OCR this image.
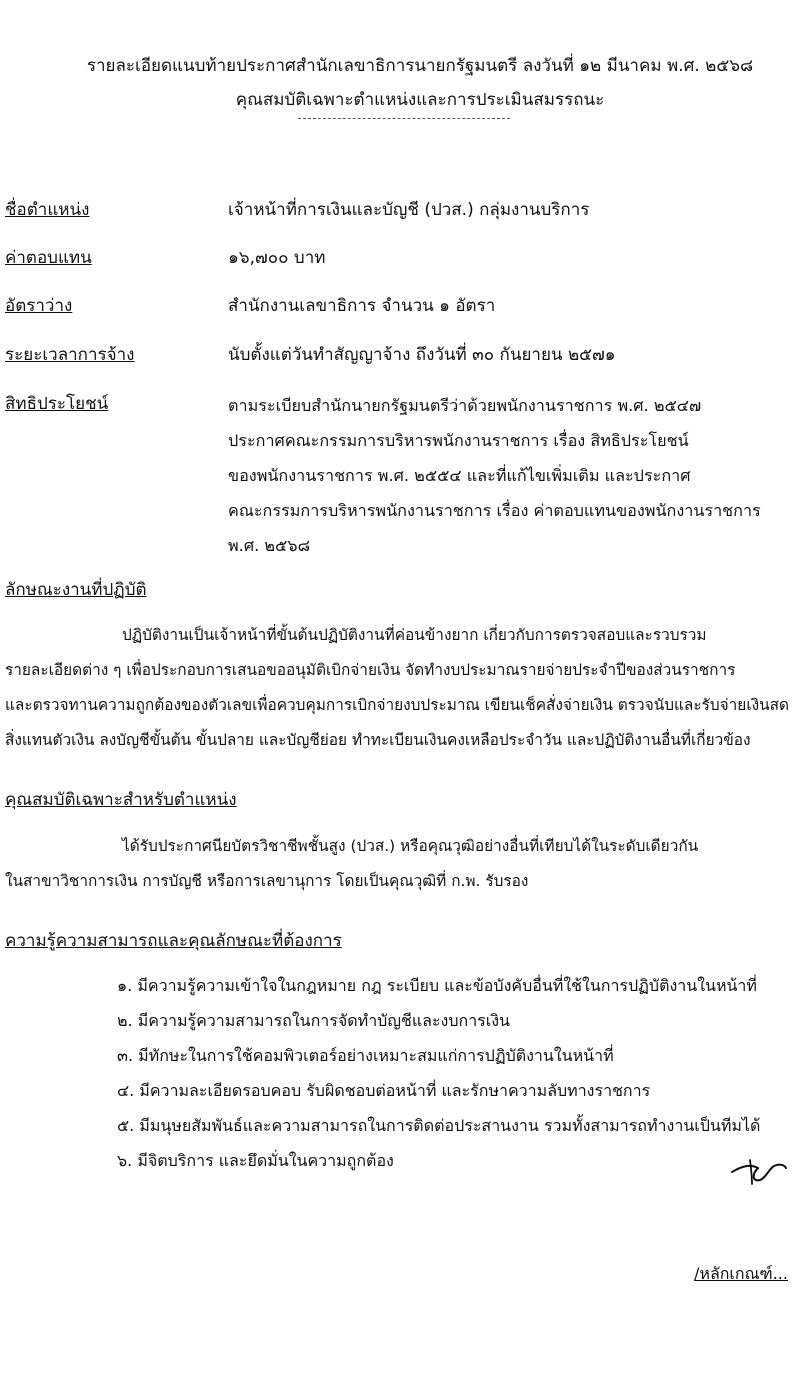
รายละเอียดแนบท้ายประกาศสำนักเลขาธิการนายกรัฐมนตรี ลงวันที่ ๑๒ มีนาคม พ.ศ. ๒๕๖๘
คุณสมบัติเฉพาะตำแหน่งและการประเมินสมรรถนะ
ชื่อตำแหน่ง	เจ้าหน้าที่การเงินและบัญชี (ปวส.) กลุ่มงานบริการ
ค่าตอบแทน	๑๖,๗๐๐ บาท
อัตราว่าง	สำนักงานเลขาธิการ จำนวน ๑ อัตรา
ระยะเวลาการจ้าง	นับตั้งแต่วันทำสัญญาจ้าง ถึงวันที่ ๓๐ กันยายน ๒๕๗๑
สิทธิประโยชน์	ตามระเบียบสำนักนายกรัฐมนตรีว่าด้วยพนักงานราชการ พ.ศ. ๒๕๔๗
ประกาศคณะกรรมการบริหารพนักงานราชการ เรื่อง สิทธิประโยชน์
ของพนักงานราชการ พ.ศ. ๒๕๕๔ และที่แก้ไขเพิ่มเติม และประกาศ
คณะกรรมการบริหารพนักงานราชการ เรื่อง ค่าตอบแทนของพนักงานราชการ
พ.ศ. ๒๕๖๘
ลักษณะงานที่ปฏิบัติ
ปฏิบัติงานเป็นเจ้าหน้าที่ขั้นต้นปฏิบัติงานที่ค่อนข้างยาก เกี่ยวกับการตรวจสอบและรวบรวม
รายละเอียดต่าง ๆ เพื่อประกอบการเสนอขออนุมัติเบิกจ่ายเงิน จัดทำงบประมาณรายจ่ายประจำปีของส่วนราชการ
และตรวจทานความถูกต้องของตัวเลขเพื่อควบคุมการเบิกจ่ายงบประมาณ เขียนเช็คสั่งจ่ายเงิน ตรวจนับและรับจ่ายเงินสด
สิ่งแทนตัวเงิน ลงบัญชีขั้นต้น ขั้นปลาย และบัญชีย่อย ทำทะเบียนเงินคงเหลือประจำวัน และปฏิบัติงานอื่นที่เกี่ยวข้อง
คุณสมบัติเฉพาะสำหรับตำแหน่ง
ได้รับประกาศนียบัตรวิชาชีพชั้นสูง (ปวส.) หรือคุณวุฒิอย่างอื่นที่เทียบได้ในระดับเดียวกัน
ในสาขาวิชาการเงิน การบัญชี หรือการเลขานุการ โดยเป็นคุณวุฒิที่ ก.พ. รับรอง
ความรู้ความสามารถและคุณลักษณะที่ต้องการ
๑. มีความรู้ความเข้าใจในกฎหมาย กฎ ระเบียบ และข้อบังคับอื่นที่ใช้ในการปฏิบัติงานในหน้าที่
๒. มีความรู้ความสามารถในการจัดทำบัญชีและงบการเงิน
๓. มีทักษะในการใช้คอมพิวเตอร์อย่างเหมาะสมแก่การปฏิบัติงานในหน้าที่
๔. มีความละเอียดรอบคอบ รับผิดชอบต่อหน้าที่ และรักษาความลับทางราชการ
๕. มีมนุษยสัมพันธ์และความสามารถในการติดต่อประสานงาน รวมทั้งสามารถทำงานเป็นทีมได้
๖. มีจิตบริการ และยึดมั่นในความถูกต้อง
/หลักเกณฑ์...
